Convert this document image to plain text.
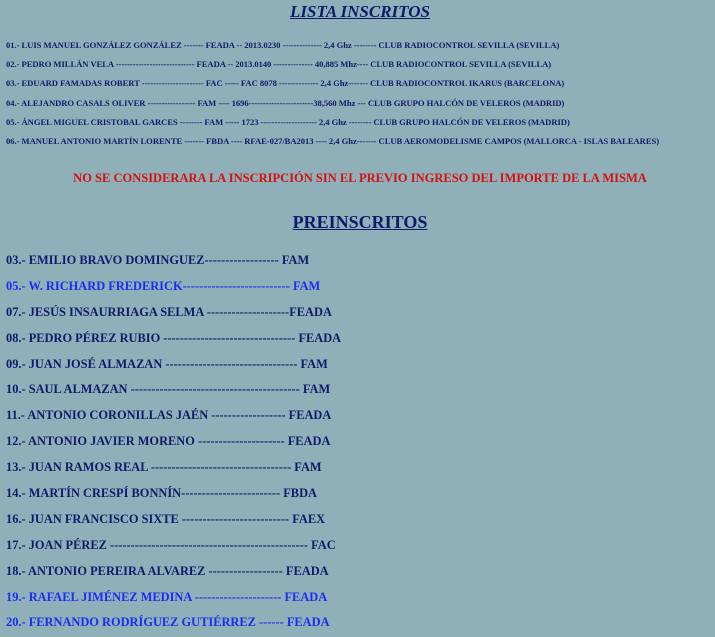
LISTA INSCRITOS
01.- LUIS MANUEL GONZÁLEZ GONZÁLEZ ------- FEADA -- 2013.0230 -------------- 2,4 Ghz -------- CLUB RADIOCONTROL SEVILLA (SEVILLA)
02.- PEDRO MILLÁN VELA ---------------------------- FEADA -- 2013.0140 -------------- 40,885 Mhz---- CLUB RADIOCONTROL SEVILLA (SEVILLA)
03.- EDUARD FAMADAS ROBERT ---------------------- FAC ----- FAC 8078 -------------- 2,4 Ghz------- CLUB RADIOCONTROL IKARUS (BARCELONA)
04.- ALEJANDRO CASALS OLIVER ----------------- FAM ---- 1696-----------------------38,560 Mhz --- CLUB GRUPO HALCÓN DE VELEROS (MADRID)
05.- ÁNGEL MIGUEL CRISTOBAL GARCES -------- FAM ----- 1723 -------------------- 2,4 Ghz -------- CLUB GRUPO HALCÓN DE VELEROS (MADRID)
06.- MANUEL ANTONIO MARTÍN LORENTE ------- FBDA ---- RFAE-027/BA2013 ---- 2,4 Ghz------- CLUB AEROMODELISME CAMPOS (MALLORCA - ISLAS BALEARES)
NO SE CONSIDERARA LA INSCRIPCIÓN SIN EL PREVIO INGRESO DEL IMPORTE DE LA MISMA
PREINSCRITOS
03.- EMILIO BRAVO DOMINGUEZ------------------ FAM
05.- W. RICHARD FREDERICK-------------------------- FAM
07.- JESÚS INSAURRIAGA SELMA --------------------FEADA
08.- PEDRO PÉREZ RUBIO -------------------------------- FEADA
09.- JUAN JOSÉ ALMAZAN -------------------------------- FAM
10.- SAUL ALMAZAN ----------------------------------------- FAM
11.- ANTONIO CORONILLAS JAÉN ------------------ FEADA
12.- ANTONIO JAVIER MORENO --------------------- FEADA
13.- JUAN RAMOS REAL ---------------------------------- FAM
14.- MARTÍN CRESPÍ BONNÍN------------------------ FBDA
16.- JUAN FRANCISCO SIXTE -------------------------- FAEX
17.- JOAN PÉREZ ------------------------------------------------ FAC
18.- ANTONIO PEREIRA ALVAREZ ------------------ FEADA
19.- RAFAEL JIMÉNEZ MEDINA --------------------- FEADA
20.- FERNANDO RODRÍGUEZ GUTIÉRREZ ------ FEADA
